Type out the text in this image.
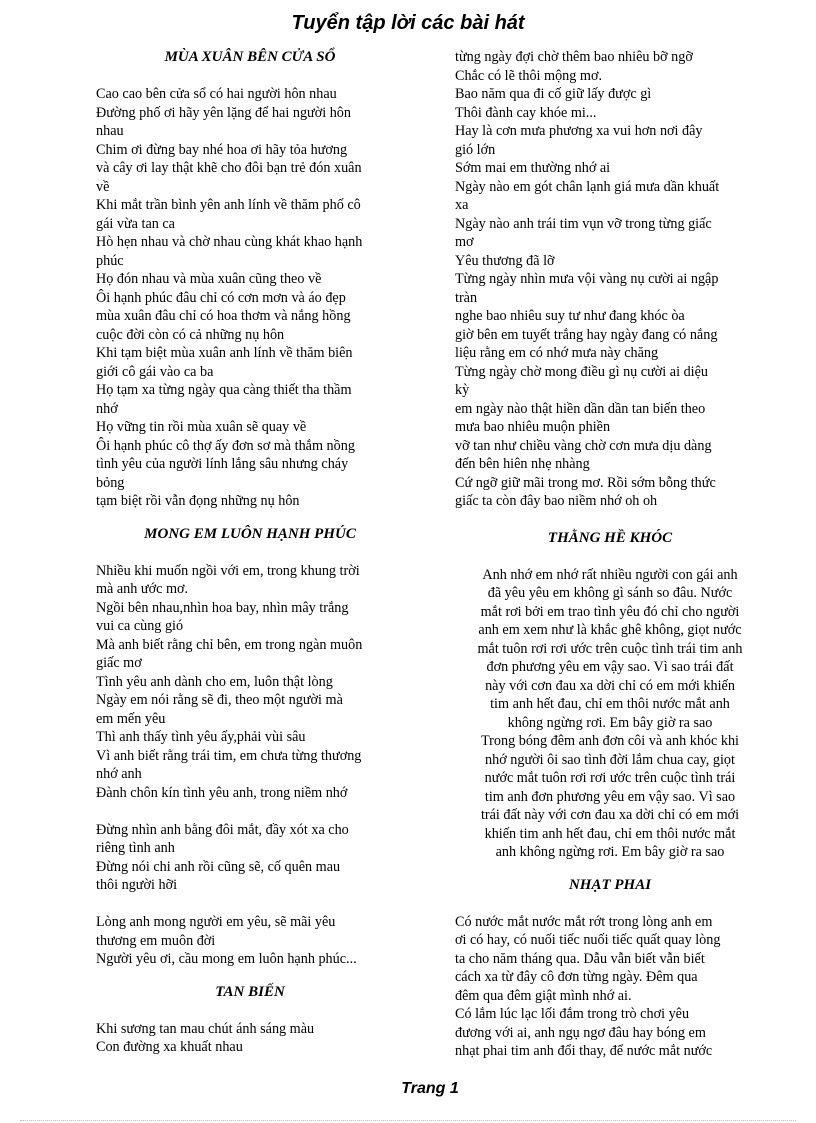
Tuyển tập lời các bài hát
MÙA XUÂN BÊN CỬA SỔ

Cao cao bên cửa sổ có hai người hôn nhau

Đường phố ơi hãy yên lặng để hai người hôn

nhau

Chim ơi đừng bay nhé hoa ơi hãy tỏa hương

và cây ơi lay thật khẽ cho đôi bạn trẻ đón xuân

về

Khi mắt trần bình yên anh lính về thăm phố cô

gái vừa tan ca

Hò hẹn nhau và chờ nhau cùng khát khao hạnh

phúc

Họ đón nhau và mùa xuân cũng theo về

Ôi hạnh phúc đâu chỉ có cơn mơn và áo đẹp

mùa xuân đâu chỉ có hoa thơm và nắng hồng

cuộc đời còn có cả những nụ hôn

Khi tạm biệt mùa xuân anh lính về thăm biên

giới cô gái vào ca ba

Họ tạm xa từng ngày qua càng thiết tha thầm

nhớ

Họ vững tin rồi mùa xuân sẽ quay về

Ôi hạnh phúc cô thợ ấy đơn sơ mà thắm nồng

tình yêu của người lính lắng sâu nhưng cháy

bỏng

tạm biệt rồi vẫn đọng những nụ hôn

MONG EM LUÔN HẠNH PHÚC

Nhiều khi muốn ngồi với em, trong khung trời

mà anh ước mơ.

Ngồi bên nhau,nhìn hoa bay, nhìn mây trắng

vui ca cùng gió

Mà anh biết rằng chỉ bên, em trong ngàn muôn

giấc mơ

Tình yêu anh dành cho em, luôn thật lòng

Ngày em nói rằng sẽ đi, theo một người mà

em mến yêu

Thì anh thấy tình yêu ấy,phải vùi sâu

Vì anh biết rằng trái tim, em chưa từng thương

nhớ anh

Đành chôn kín tình yêu anh, trong niềm nhớ

Đừng nhìn anh bằng đôi mắt, đầy xót xa cho

riêng tình anh

Đừng nói chi anh rồi cũng sẽ, cố quên mau

thôi người hỡi

Lòng anh mong người em yêu, sẽ mãi yêu

thương em muôn đời

Người yêu ơi, cầu mong em luôn hạnh phúc...

TAN BIẾN

Khi sương tan mau chút ánh sáng màu

Con đường xa khuất nhau

từng ngày đợi chờ thêm bao nhiêu bỡ ngỡ

Chắc có lẽ thôi mộng mơ.

Bao năm qua đi cố giữ lấy được gì

Thôi đành cay khóe mi...

Hay là cơn mưa phương xa vui hơn nơi đây

gió lớn

Sớm mai em thường nhớ ai

Ngày nào em gót chân lạnh giá mưa dần khuất

xa

Ngày nào anh trái tim vụn vỡ trong từng giấc

mơ

Yêu thương đã lỡ

Từng ngày nhìn mưa vội vàng nụ cười ai ngập

tràn

nghe bao nhiêu suy tư như đang khóc òa

giờ bên em tuyết trắng hay ngày đang có nắng

liệu rằng em có nhớ mưa này chăng

Từng ngày chờ mong điều gì nụ cười ai diệu

kỳ

em ngày nào thật hiền dần dần tan biến theo

mưa bao nhiêu muộn phiền

vỡ tan như chiều vàng chờ cơn mưa dịu dàng

đến bên hiên nhẹ nhàng

Cứ ngỡ giữ mãi trong mơ. Rồi sớm bỗng thức

giấc ta còn đây bao niềm nhớ oh oh

THẰNG HỀ KHÓC

Anh nhớ em nhớ rất nhiều người con gái anh

đã yêu yêu em không gì sánh so đâu. Nước

mắt rơi bởi em trao tình yêu đó chỉ cho người

anh em xem như là khắc ghê không, giọt nước

mắt tuôn rơi rơi ước trên cuộc tình trái tim anh

đơn phương yêu em vậy sao. Vì sao trái đất

này với cơn đau xa dời chỉ có em mới khiến

tim anh hết đau, chỉ em thôi nước mắt anh

không ngừng rơi. Em bây giờ ra sao

Trong bóng đêm anh đơn côi và anh khóc khi

nhớ người ôi sao tình đời lắm chua cay, giọt

nước mắt tuôn rơi rơi ước trên cuộc tình trái

tim anh đơn phương yêu em vậy sao. Vì sao

trái đất này với cơn đau xa dời chỉ có em mới

khiến tim anh hết đau, chỉ em thôi nước mắt

anh không ngừng rơi. Em bây giờ ra sao

NHẠT PHAI

Có nước mắt nước mắt rớt trong lòng anh em

ơi có hay, có nuối tiếc nuối tiếc quất quay lòng

ta cho năm tháng qua. Dẫu vẫn biết vẫn biết

cách xa từ đây cô đơn từng ngày. Đêm qua

đêm qua đêm giật mình nhớ ai.

Có lắm lúc lạc lối đắm trong trò chơi yêu

đương với ai, anh ngụ ngơ đâu hay bóng em

nhạt phai tim anh đổi thay, để nước mắt nước

Trang 1
